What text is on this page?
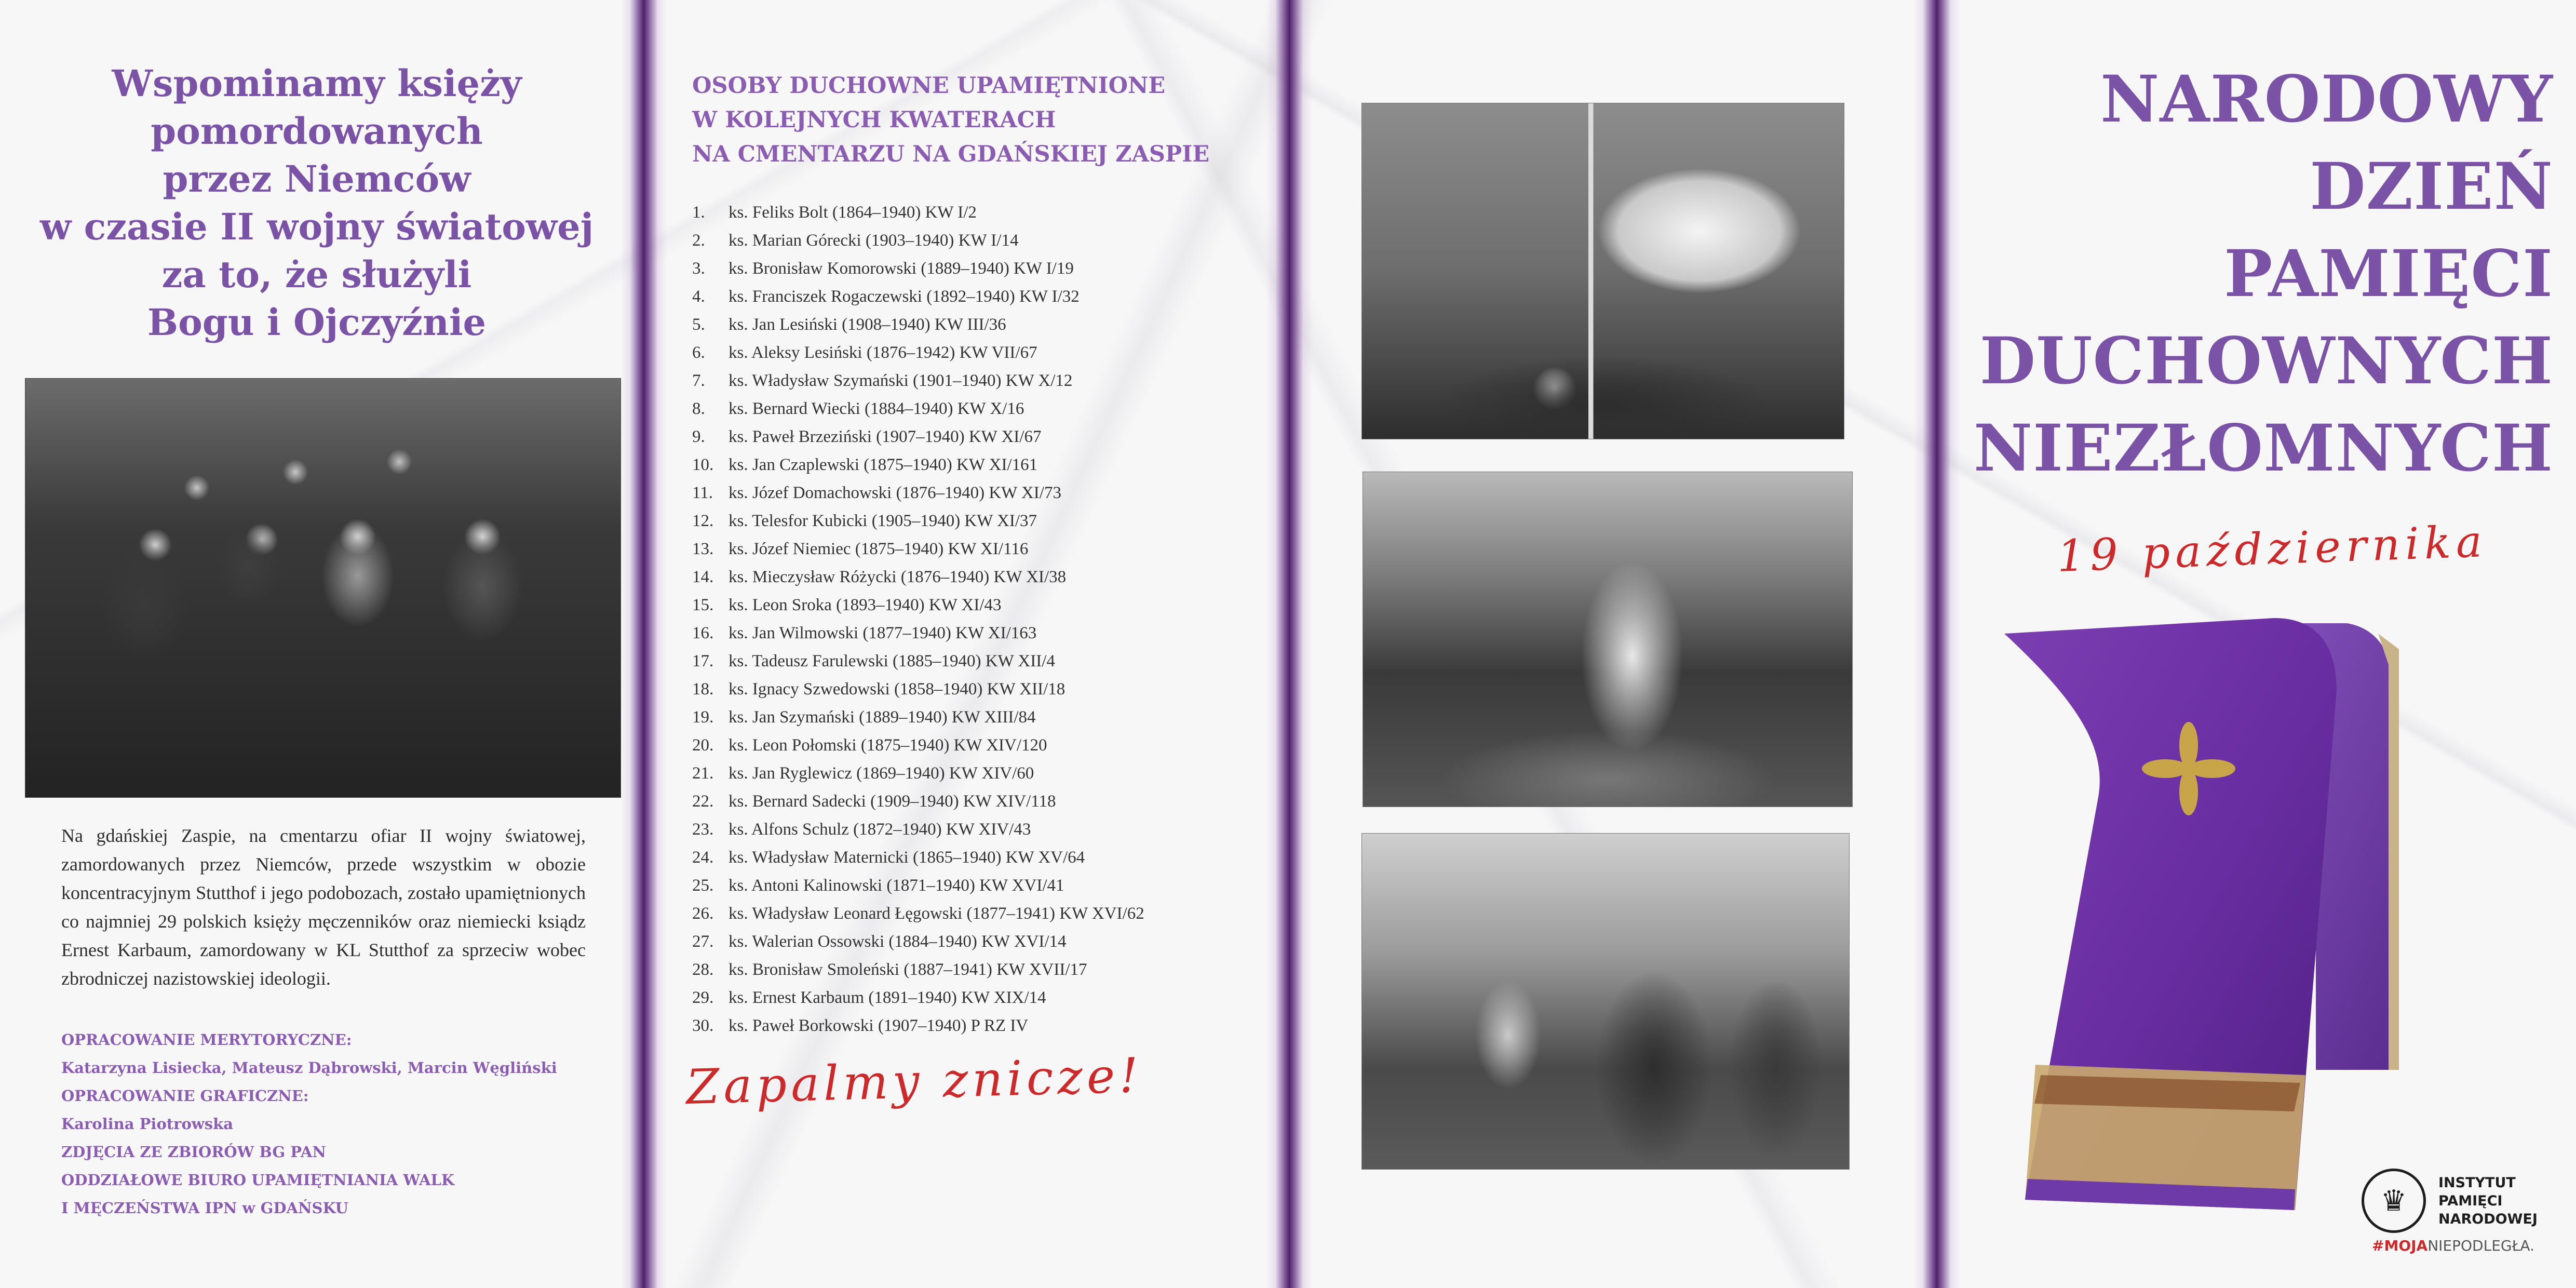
Wspominamy księży
pomordowanych
przez Niemców
w czasie II wojny światowej
za to, że służyli
Bogu i Ojczyźnie

Na gdańskiej Zaspie, na cmentarzu ofiar II wojny światowej, zamordowanych przez Niemców, przede wszystkim w obozie koncentracyjnym Stutthof i jego podobozach, zostało upamiętnionych co najmniej 29 polskich księży męczenników oraz niemiecki ksiądz Ernest Karbaum, zamordowany w KL Stutthof za sprzeciw wobec zbrodniczej nazistowskiej ideologii.

OPRACOWANIE MERYTORYCZNE:
Katarzyna Lisiecka, Mateusz Dąbrowski, Marcin Węgliński
OPRACOWANIE GRAFICZNE:
Karolina Piotrowska
ZDJĘCIA ZE ZBIORÓW BG PAN
ODDZIAŁOWE BIURO UPAMIĘTNIANIA WALK
I MĘCZEŃSTWA IPN w GDAŃSKU
OSOBY DUCHOWNE UPAMIĘTNIONE
W KOLEJNYCH KWATERACH
NA CMENTARZU NA GDAŃSKIEJ ZASPIE
1.	ks. Feliks Bolt (1864–1940) KW I/2
2.	ks. Marian Górecki (1903–1940) KW I/14
3.	ks. Bronisław Komorowski (1889–1940) KW I/19
4.	ks. Franciszek Rogaczewski (1892–1940) KW I/32
5.	ks. Jan Lesiński (1908–1940) KW III/36
6.	ks. Aleksy Lesiński (1876–1942) KW VII/67
7.	ks. Władysław Szymański (1901–1940) KW X/12
8.	ks. Bernard Wiecki (1884–1940) KW X/16
9.	ks. Paweł Brzeziński (1907–1940) KW XI/67
10. ks. Jan Czaplewski (1875–1940) KW XI/161
11. ks. Józef Domachowski (1876–1940) KW XI/73
12. ks. Telesfor Kubicki (1905–1940) KW XI/37
13. ks. Józef Niemiec (1875–1940) KW XI/116
14. ks. Mieczysław Różycki (1876–1940) KW XI/38
15. ks. Leon Sroka (1893–1940) KW XI/43
16. ks. Jan Wilmowski (1877–1940) KW XI/163
17. ks. Tadeusz Farulewski (1885–1940) KW XII/4
18. ks. Ignacy Szwedowski (1858–1940) KW XII/18
19. ks. Jan Szymański (1889–1940) KW XIII/84
20. ks. Leon Połomski (1875–1940) KW XIV/120
21. ks. Jan Ryglewicz (1869–1940) KW XIV/60
22. ks. Bernard Sadecki (1909–1940) KW XIV/118
23. ks. Alfons Schulz (1872–1940) KW XIV/43
24. ks. Władysław Maternicki (1865–1940) KW XV/64
25. ks. Antoni Kalinowski (1871–1940) KW XVI/41
26. ks. Władysław Leonard Łęgowski (1877–1941) KW XVI/62
27. ks. Walerian Ossowski (1884–1940) KW XVI/14
28. ks. Bronisław Smoleński (1887–1941) KW XVII/17
29. ks. Ernest Karbaum (1891–1940) KW XIX/14
30. ks. Paweł Borkowski (1907–1940) P RZ IV
Zapalmy znicze!
NARODOWY
DZIEŃ
PAMIĘCI
DUCHOWNYCH
NIEZŁOMNYCH
19 października
♛
INSTYTUT
PAMIĘCI
NARODOWEJ
#MOJANIEPODLEGŁA.
